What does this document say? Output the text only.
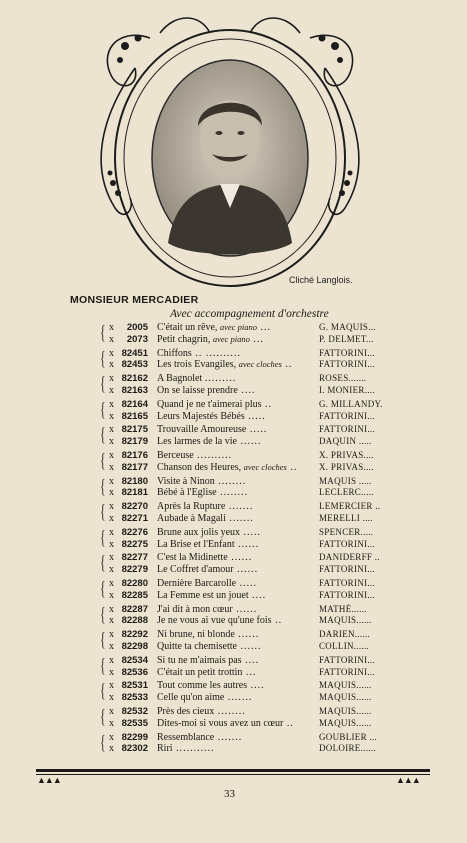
Cliché Langlois.
MONSIEUR MERCADIER
Avec accompagnement d'orchestre
{ x	2005 C'était un rêve, avec piano ...	G. MAQUIS...
x	2073 Petit chagrin, avec piano ...	P. DELMET...
{ x 82451 Chiffons .. ..........	FATTORINI...
x 82453 Les trois Evangiles, avec cloches ..	FATTORINI...
{ x 82162 A Bagnolet .........	ROSES.......
x 82163 On se laisse prendre ....	I. MONIER....
{ x 82164 Quand je ne t'aimerai plus ..	G. MILLANDY.
x 82165 Leurs Majestés Bébés .....	FATTORINI...
{ x 82175 Trouvaille Amoureuse .....	FATTORINI...
x 82179 Les larmes de la vie ......	DAQUIN .....
{ x 82176 Berceuse ..........	X. PRIVAS....
x 82177 Chanson des Heures, avec cloches ..	X. PRIVAS....
{ x 82180 Visite à Ninon ........	MAQUIS .....
x 82181 Bébé à l'Eglise ........	LECLERC.....
{ x 82270 Après la Rupture .......	LEMERCIER ..
x 82271 Aubade à Magali .......	MERELLI ....
{ x 82276 Brune aux jolis yeux .....	SPENCER.....
x 82275 La Brise et l'Enfant ......	FATTORINI...
{ x 82277 C'est la Midinette ......	DANIDERFF ..
x 82279 Le Coffret d'amour ......	FATTORINI...
{ x 82280 Dernière Barcarolle .....	FATTORINI...
x 82285 La Femme est un jouet ....	FATTORINI...
{ x 82287 J'ai dit à mon cœur ......	MATHÉ......
x 82288 Je ne vous ai vue qu'une fois ..	MAQUIS......
{ x 82292 Ni brune, ni blonde ......	DARIEN......
x 82298 Quitte ta chemisette ......	COLLIN......
{ x 82534 Si tu ne m'aimais pas ....	FATTORINI...
x 82536 C'était un petit trottin ...	FATTORINI...
{ x 82531 Tout comme les autres ....	MAQUIS......
x 82533 Celle qu'on aime .......	MAQUIS......
{ x 82532 Près des cieux ........	MAQUIS......
x 82535 Dites-moi si vous avez un cœur ..	MAQUIS......
{ x 82299 Ressemblance .......	GOUBLIER ...
x 82302 Riri ...........	DOLOIRE......
▲▲▲	▲▲▲
33
